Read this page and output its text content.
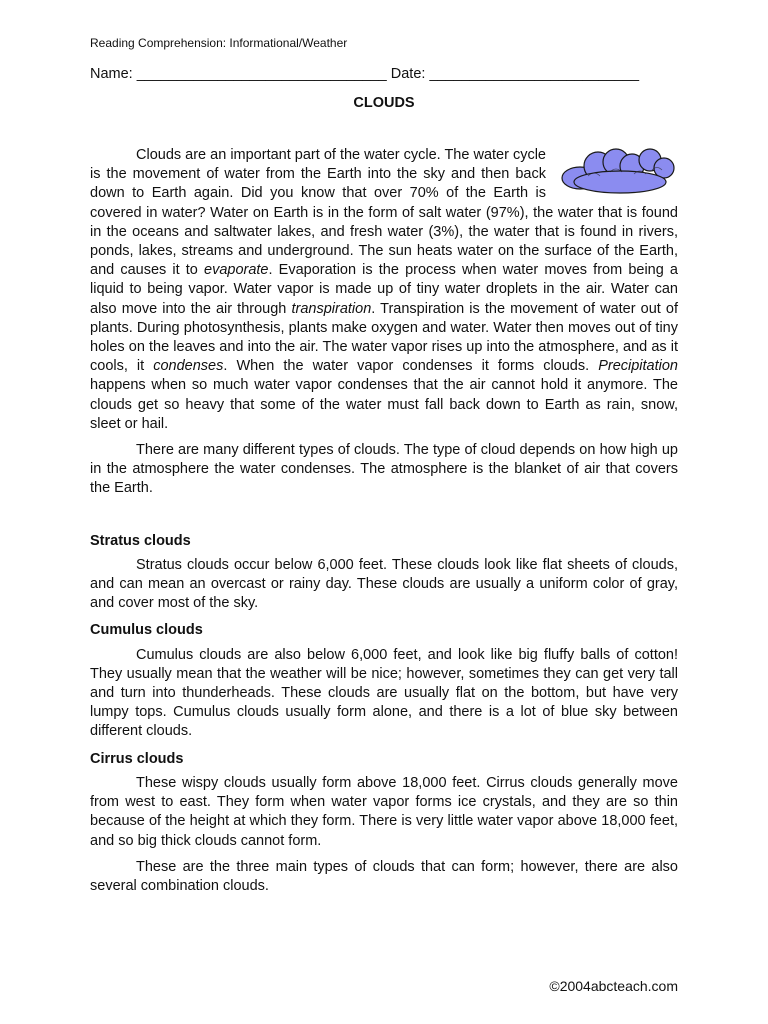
Reading Comprehension: Informational/Weather
Name: _______________________________ Date: __________________________
CLOUDS

Clouds are an important part of the water cycle. The water cycle is the movement of water from the Earth into the sky and then back down to Earth again. Did you know that over 70% of the Earth is covered in water? Water on Earth is in the form of salt water (97%), the water that is found in the oceans and saltwater lakes, and fresh water (3%), the water that is found in rivers, ponds, lakes, streams and underground. The sun heats water on the surface of the Earth, and causes it to evaporate. Evaporation is the process when water moves from being a liquid to being vapor. Water vapor is made up of tiny water droplets in the air. Water can also move into the air through transpiration. Transpiration is the movement of water out of plants. During photosynthesis, plants make oxygen and water. Water then moves out of tiny holes on the leaves and into the air. The water vapor rises up into the atmosphere, and as it cools, it condenses. When the water vapor condenses it forms clouds. Precipitation happens when so much water vapor condenses that the air cannot hold it anymore. The clouds get so heavy that some of the water must fall back down to Earth as rain, snow, sleet or hail.

There are many different types of clouds. The type of cloud depends on how high up in the atmosphere the water condenses. The atmosphere is the blanket of air that covers the Earth.

Stratus clouds

Stratus clouds occur below 6,000 feet. These clouds look like flat sheets of clouds, and can mean an overcast or rainy day. These clouds are usually a uniform color of gray, and cover most of the sky.

Cumulus clouds

Cumulus clouds are also below 6,000 feet, and look like big fluffy balls of cotton! They usually mean that the weather will be nice; however, sometimes they can get very tall and turn into thunderheads. These clouds are usually flat on the bottom, but have very lumpy tops. Cumulus clouds usually form alone, and there is a lot of blue sky between different clouds.

Cirrus clouds

These wispy clouds usually form above 18,000 feet. Cirrus clouds generally move from west to east. They form when water vapor forms ice crystals, and they are so thin because of the height at which they form. There is very little water vapor above 18,000 feet, and so big thick clouds cannot form.

These are the three main types of clouds that can form; however, there are also several combination clouds.

©2004abcteach.com
